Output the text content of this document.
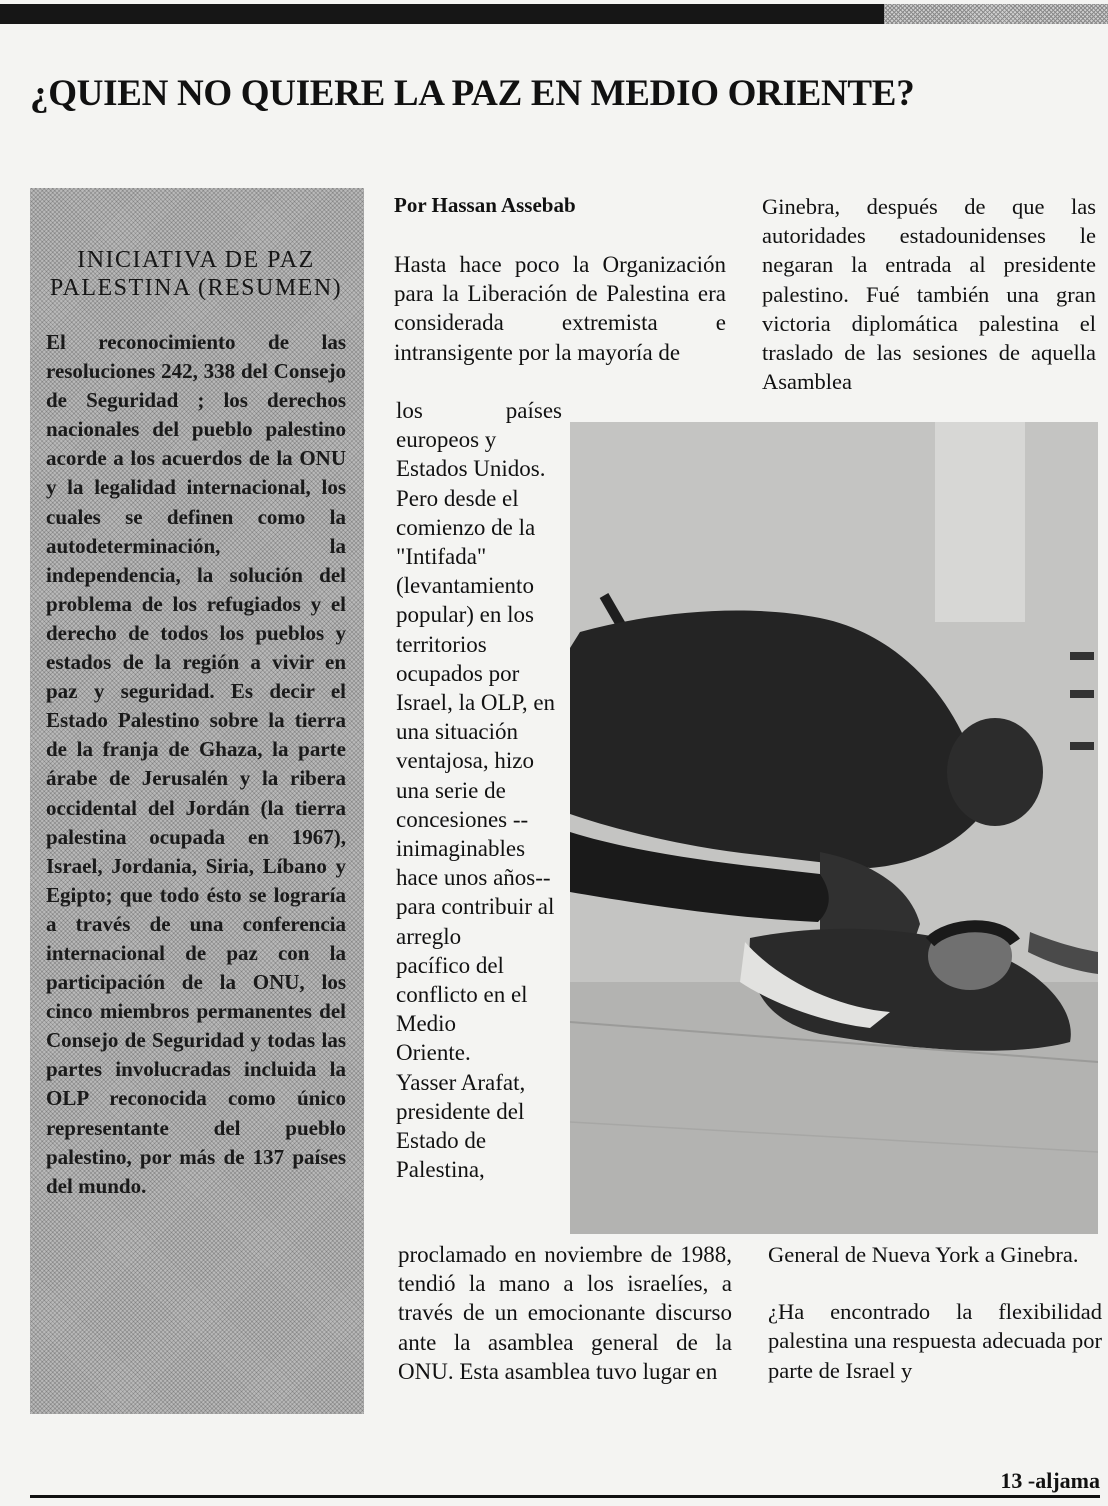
¿QUIEN NO QUIERE LA PAZ EN MEDIO ORIENTE?
INICIATIVA DE PAZ PALESTINA (RESUMEN)

El reconocimiento de las resoluciones 242, 338 del Consejo de Seguridad ; los derechos nacionales del pueblo palestino acorde a los acuerdos de la ONU y la legalidad internacional, los cuales se definen como la autodeterminación, la independencia, la solución del problema de los refugiados y el derecho de todos los pueblos y estados de la región a vivir en paz y seguridad. Es decir el Estado Palestino sobre la tierra de la franja de Ghaza, la parte árabe de Jerusalén y la ribera occidental del Jordán (la tierra palestina ocupada en 1967), Israel, Jordania, Siria, Líbano y Egipto; que todo ésto se lograría a través de una conferencia internacional de paz con la participación de la ONU, los cinco miembros permanentes del Consejo de Seguridad y todas las partes involucradas incluida la OLP reconocida como único representante del pueblo palestino, por más de 137 países del mundo.

Por Hassan Assebab

Hasta hace poco la Organización para la Liberación de Palestina era considerada extremista e intransigente por la mayoría de

los países
europeos y Estados Unidos. Pero desde el comienzo de la "Intifada" (levantamiento popular) en los territorios ocupados por Israel, la OLP, en una situación ventajosa, hizo una serie de concesiones --inimaginables hace unos años-- para contribuir al
arreglo
pacífico del conflicto en el
Medio
Oriente.
Yasser Arafat, presidente del Estado de
Palestina,

proclamado en noviembre de 1988, tendió la mano a los israelíes, a través de un emocionante discurso ante la asamblea general de la ONU. Esta asamblea tuvo lugar en

Ginebra, después de que las autoridades estadounidenses le negaran la entrada al presidente palestino. Fué también una gran victoria diplomática palestina el traslado de las sesiones de aquella Asamblea

General de Nueva York a Ginebra.

¿Ha encontrado la flexibilidad palestina una respuesta adecuada por parte de Israel y

13 -aljama
